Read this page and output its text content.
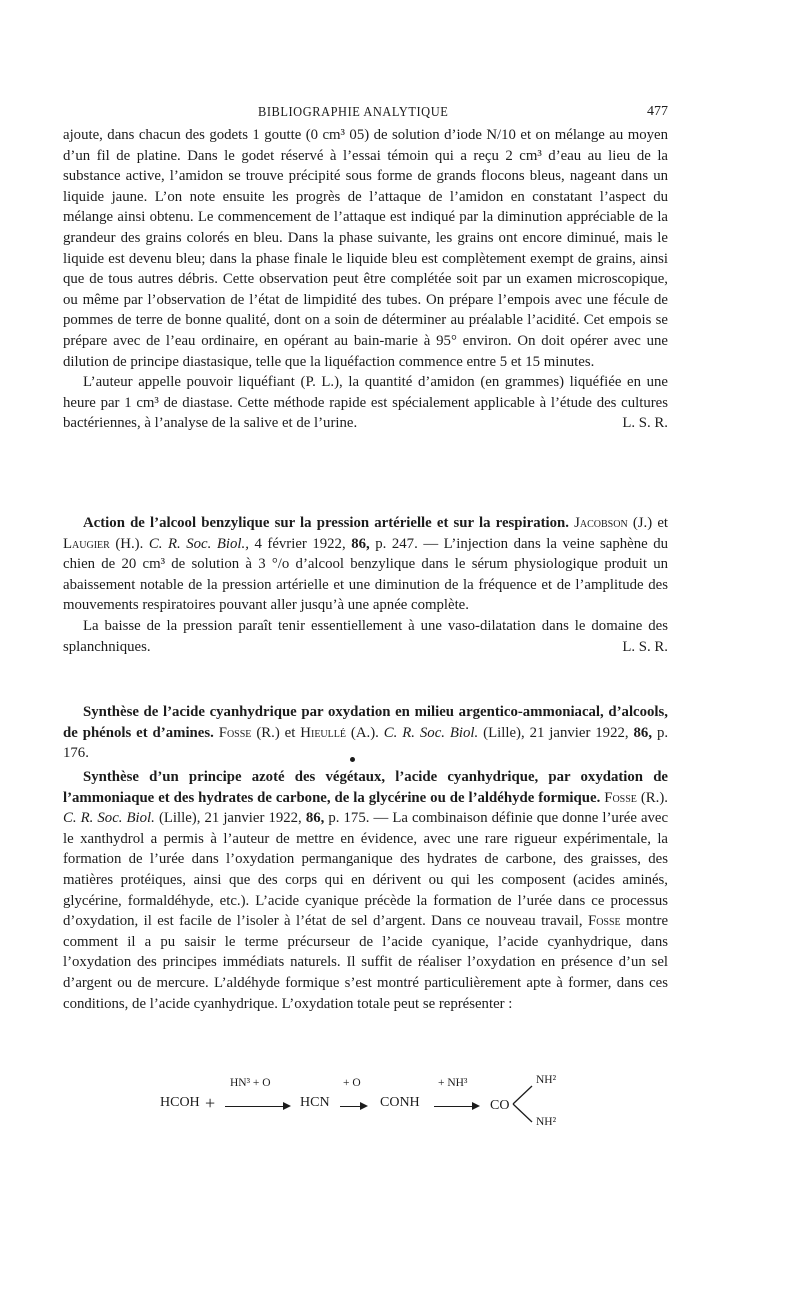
BIBLIOGRAPHIE ANALYTIQUE	477

ajoute, dans chacun des godets 1 goutte (0 cm³ 05) de solution d’iode N/10 et on mélange au moyen d’un fil de platine. Dans le godet réservé à l’essai témoin qui a reçu 2 cm³ d’eau au lieu de la substance active, l’amidon se trouve précipité sous forme de grands flocons bleus, nageant dans un liquide jaune. L’on note ensuite les progrès de l’attaque de l’amidon en constatant l’aspect du mélange ainsi obtenu. Le commencement de l’attaque est indiqué par la diminution appréciable de la grandeur des grains colorés en bleu. Dans la phase suivante, les grains ont encore diminué, mais le liquide est devenu bleu; dans la phase finale le liquide bleu est complètement exempt de grains, ainsi que de tous autres débris. Cette observation peut être complétée soit par un examen microscopique, ou même par l’observation de l’état de limpidité des tubes. On prépare l’empois avec une fécule de pommes de terre de bonne qualité, dont on a soin de déterminer au préalable l’acidité. Cet empois se prépare avec de l’eau ordinaire, en opérant au bain-marie à 95° environ. On doit opérer avec une dilution de principe diastasique, telle que la liquéfaction commence entre 5 et 15 minutes.

L’auteur appelle pouvoir liquéfiant (P. L.), la quantité d’amidon (en grammes) liquéfiée en une heure par 1 cm³ de diastase. Cette méthode rapide est spécialement applicable à l’étude des cultures bactériennes, à l’analyse de la salive et de l’urine.	L. S. R.

Action de l’alcool benzylique sur la pression artérielle et sur la respiration. Jacobson (J.) et Laugier (H.). C. R. Soc. Biol., 4 février 1922, 86, p. 247. — L’injection dans la veine saphène du chien de 20 cm³ de solution à 3 °/o d’alcool benzylique dans le sérum physiologique produit un abaissement notable de la pression artérielle et une diminution de la fréquence et de l’amplitude des mouvements respiratoires pouvant aller jusqu’à une apnée complète.

La baisse de la pression paraît tenir essentiellement à une vaso-dilatation dans le domaine des splanchniques.	L. S. R.

Synthèse de l’acide cyanhydrique par oxydation en milieu argentico-ammoniacal, d’alcools, de phénols et d’amines. Fosse (R.) et Hieullé (A.). C. R. Soc. Biol. (Lille), 21 janvier 1922, 86, p. 176.

Synthèse d’un principe azoté des végétaux, l’acide cyanhydrique, par oxydation de l’ammoniaque et des hydrates de carbone, de la glycérine ou de l’aldéhyde formique. Fosse (R.). C. R. Soc. Biol. (Lille), 21 janvier 1922, 86, p. 175. — La combinaison définie que donne l’urée avec le xanthydrol a permis à l’auteur de mettre en évidence, avec une rare rigueur expérimentale, la formation de l’urée dans l’oxydation permanganique des hydrates de carbone, des graisses, des matières protéiques, ainsi que des corps qui en dérivent ou qui les composent (acides aminés, glycérine, formaldéhyde, etc.). L’acide cyanique précède la formation de l’urée dans ce processus d’oxydation, il est facile de l’isoler à l’état de sel d’argent. Dans ce nouveau travail, Fosse montre comment il a pu saisir le terme précurseur de l’acide cyanique, l’acide cyanhydrique, dans l’oxydation des principes immédiats naturels. Il suffit de réaliser l’oxydation en présence d’un sel d’argent ou de mercure. L’aldéhyde formique s’est montré particulièrement apte à former, dans ces conditions, de l’acide cyanhydrique. L’oxydation totale peut se représenter :

HCOH +
HN³ + O
HCN
+ O
CONH
+ NH³
CO
NH²
NH²
